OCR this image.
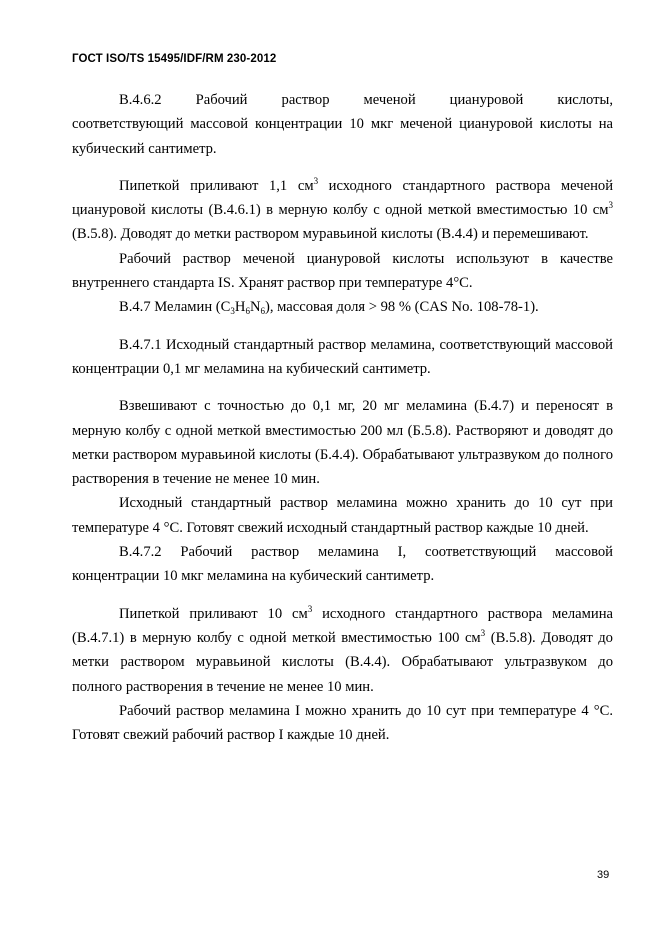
ГОСТ ISO/TS 15495/IDF/RM 230-2012

В.4.6.2 Рабочий раствор меченой циануровой кислоты,

соответствующий массовой концентрации 10 мкг меченой циануровой кислоты на кубический сантиметр.

Пипеткой приливают 1,1 $см^3$ исходного стандартного раствора меченой циануровой кислоты (В.4.6.1) в мерную колбу с одной меткой вместимостью 10 $см^3$ (В.5.8). Доводят до метки раствором муравьиной кислоты (В.4.4) и перемешивают.

Рабочий раствор меченой циануровой кислоты используют в качестве внутреннего стандарта IS. Хранят раствор при температуре 4°С.

В.4.7 Меламин $(С_3Н_6N_6)$, массовая доля > 98 % (CAS No. 108-78-1).

В.4.7.1 Исходный стандартный раствор меламина, соответствующий массовой концентрации 0,1 мг меламина на кубический сантиметр.

Взвешивают с точностью до 0,1 мг, 20 мг меламина (Б.4.7) и переносят в мерную колбу с одной меткой вместимостью 200 мл (Б.5.8). Растворяют и доводят до метки раствором муравьиной кислоты (Б.4.4). Обрабатывают ультразвуком до полного растворения в течение не менее 10 мин.

Исходный стандартный раствор меламина можно хранить до 10 сут при температуре 4 °С. Готовят свежий исходный стандартный раствор каждые 10 дней.

В.4.7.2 Рабочий раствор меламина I, соответствующий массовой

концентрации 10 мкг меламина на кубический сантиметр.

Пипеткой приливают 10 $см^3$ исходного стандартного раствора меламина (В.4.7.1) в мерную колбу с одной меткой вместимостью 100 $см^3$ (В.5.8). Доводят до метки раствором муравьиной кислоты (В.4.4). Обрабатывают ультразвуком до полного растворения в течение не менее 10 мин.

Рабочий раствор меламина I можно хранить до 10 сут при температуре 4 °С. Готовят свежий рабочий раствор I каждые 10 дней.

39
